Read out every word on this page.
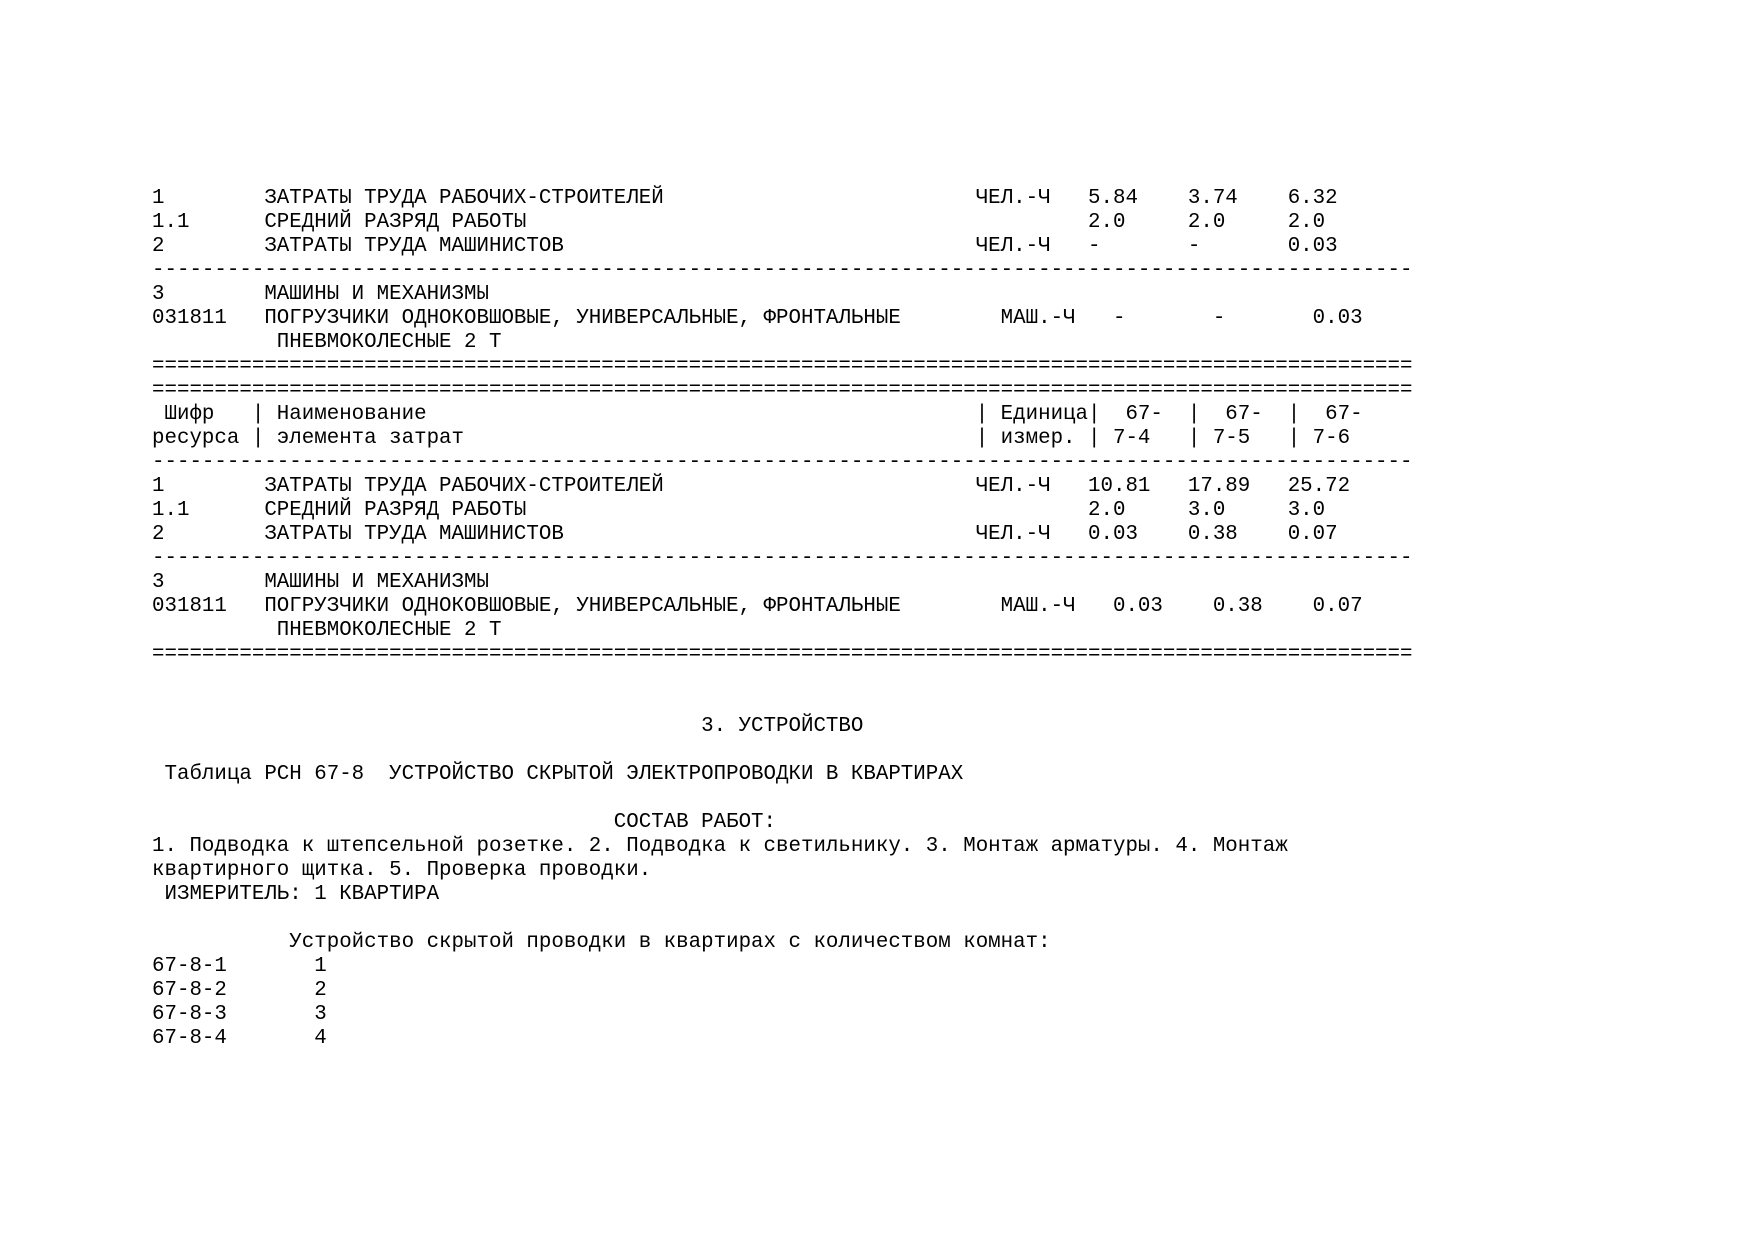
1        ЗАТРАТЫ ТРУДА РАБОЧИХ-СТРОИТЕЛЕЙ                         ЧЕЛ.-Ч   5.84    3.74    6.32
1.1      СРЕДНИЙ РАЗРЯД РАБОТЫ                                             2.0     2.0     2.0
2        ЗАТРАТЫ ТРУДА МАШИНИСТОВ                                 ЧЕЛ.-Ч   -       -       0.03
-----------------------------------------------------------------------------------------------------
3        МАШИНЫ И МЕХАНИЗМЫ
031811   ПОГРУЗЧИКИ ОДНОКОВШОВЫЕ, УНИВЕРСАЛЬНЫЕ, ФРОНТАЛЬНЫЕ        МАШ.-Ч   -       -       0.03
ПНЕВМОКОЛЕСНЫЕ 2 Т
=====================================================================================================
=====================================================================================================
Шифр   | Наименование                                            | Единица|  67-  |  67-  |  67-
ресурса | элемента затрат                                         | измер. | 7-4   | 7-5   | 7-6
-----------------------------------------------------------------------------------------------------
1        ЗАТРАТЫ ТРУДА РАБОЧИХ-СТРОИТЕЛЕЙ                         ЧЕЛ.-Ч   10.81   17.89   25.72
1.1      СРЕДНИЙ РАЗРЯД РАБОТЫ                                             2.0     3.0     3.0
2        ЗАТРАТЫ ТРУДА МАШИНИСТОВ                                 ЧЕЛ.-Ч   0.03    0.38    0.07
-----------------------------------------------------------------------------------------------------
3        МАШИНЫ И МЕХАНИЗМЫ
031811   ПОГРУЗЧИКИ ОДНОКОВШОВЫЕ, УНИВЕРСАЛЬНЫЕ, ФРОНТАЛЬНЫЕ        МАШ.-Ч   0.03    0.38    0.07
ПНЕВМОКОЛЕСНЫЕ 2 Т
=====================================================================================================
3. УСТРОЙСТВО
Таблица РСН 67-8  УСТРОЙСТВО СКРЫТОЙ ЭЛЕКТРОПРОВОДКИ В КВАРТИРАХ
СОСТАВ РАБОТ:
1. Подводка к штепсельной розетке. 2. Подводка к светильнику. 3. Монтаж арматуры. 4. Монтаж
квартирного щитка. 5. Проверка проводки.
ИЗМЕРИТЕЛЬ: 1 КВАРТИРА
Устройство скрытой проводки в квартирах с количеством комнат:
67-8-1       1
67-8-2       2
67-8-3       3
67-8-4       4
